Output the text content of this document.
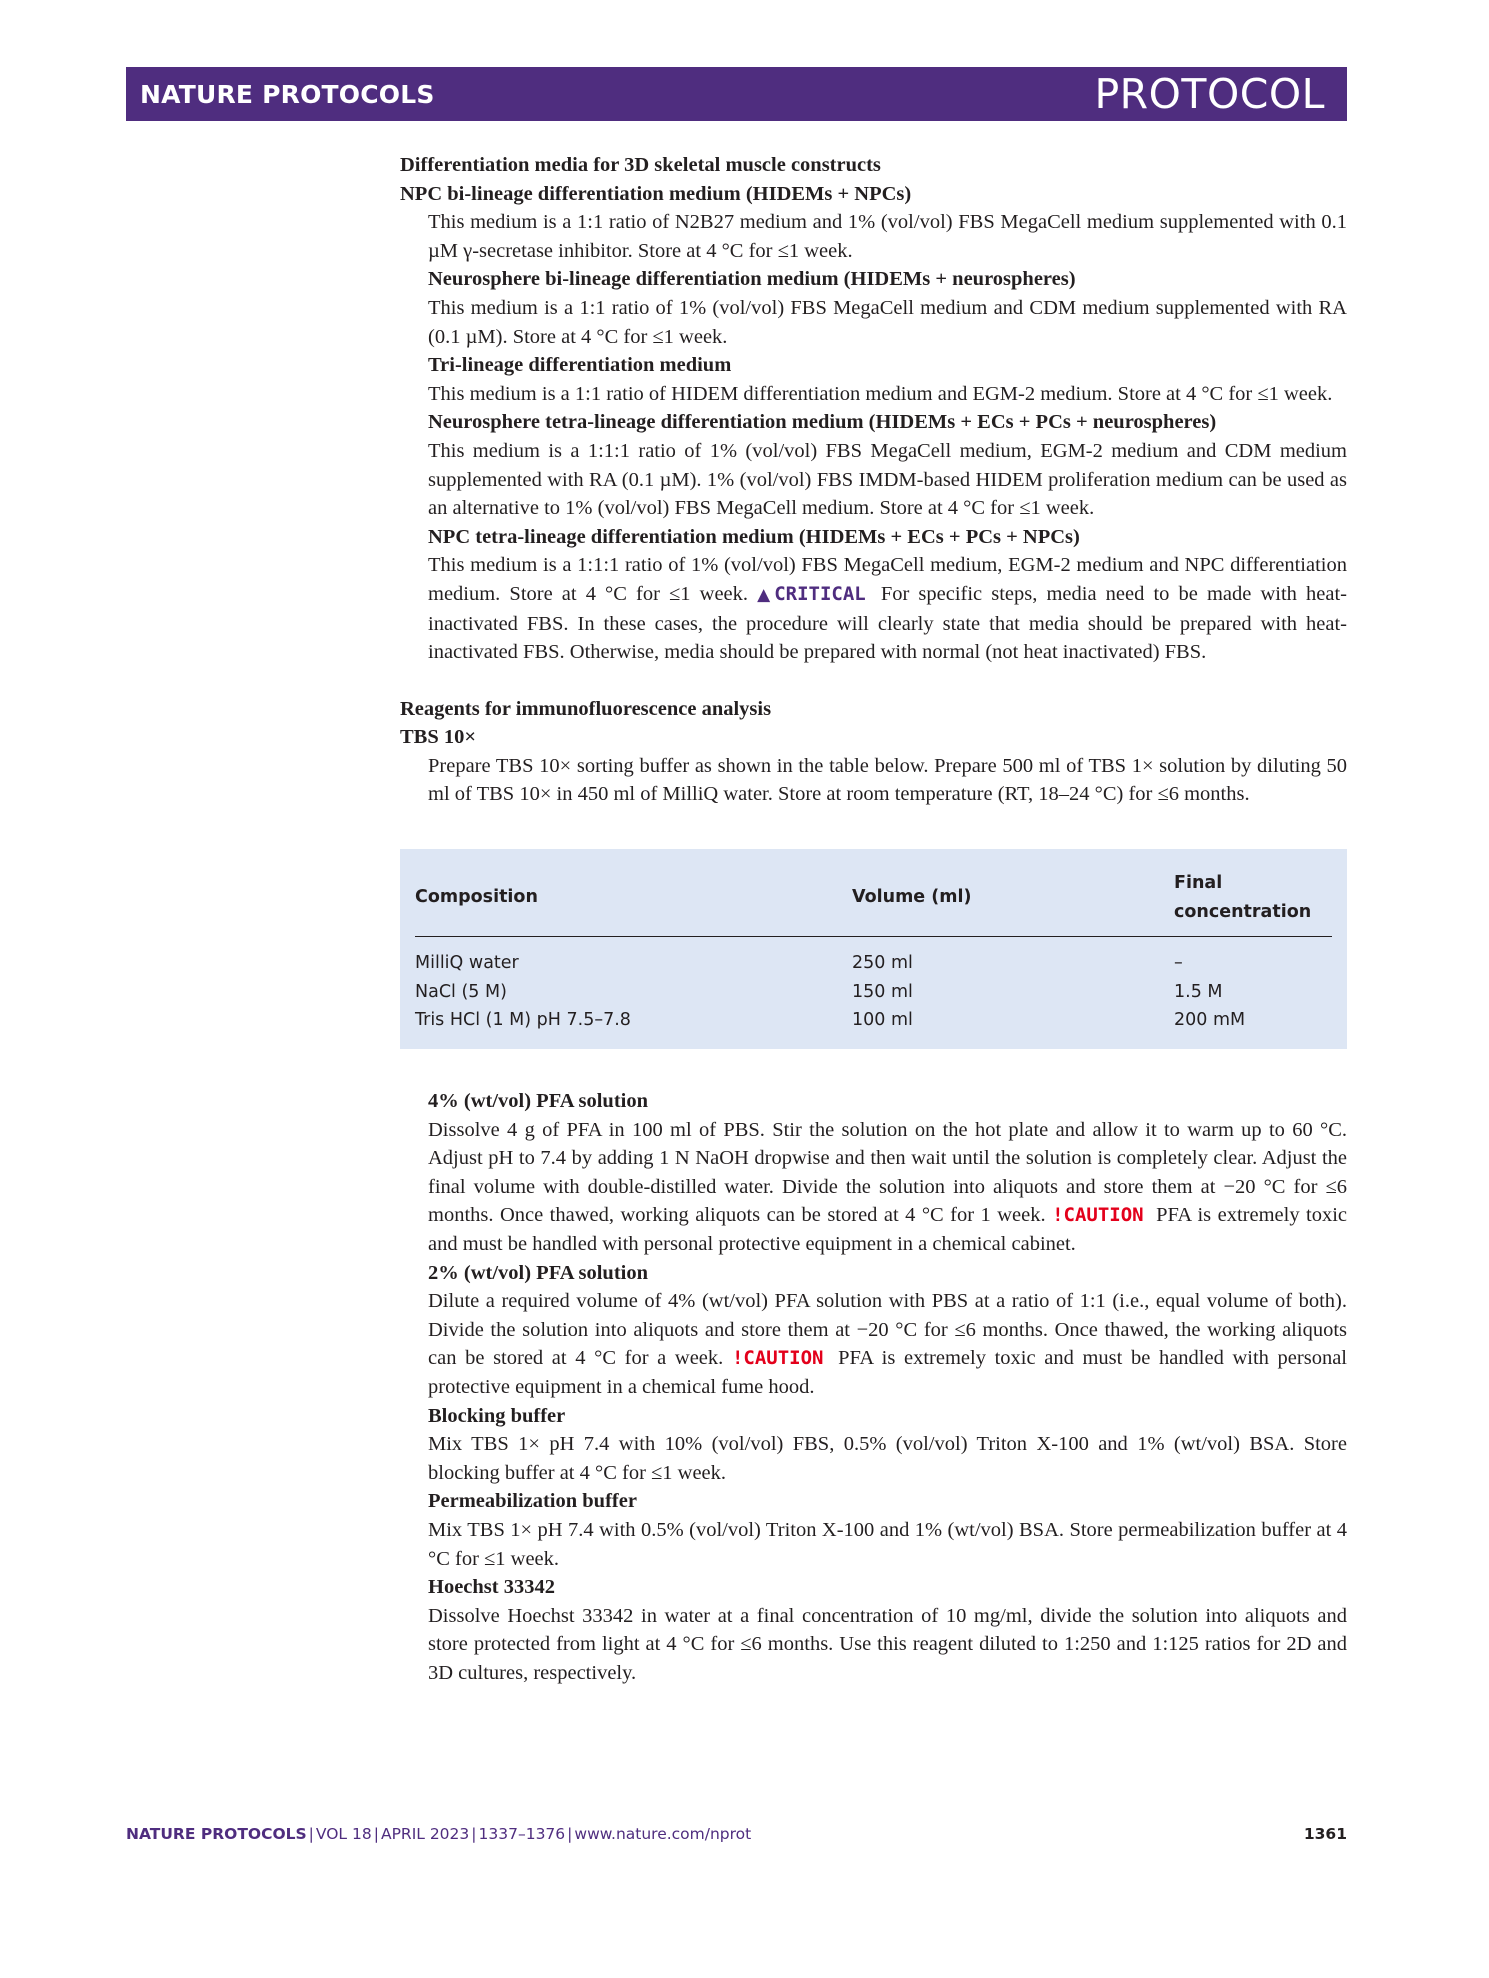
NATURE PROTOCOLS	PROTOCOL
Differentiation media for 3D skeletal muscle constructs
NPC bi-lineage differentiation medium (HIDEMs + NPCs)
This medium is a 1:1 ratio of N2B27 medium and 1% (vol/vol) FBS MegaCell medium supplemented with 0.1 µM γ-secretase inhibitor. Store at 4 °C for ≤1 week.
Neurosphere bi-lineage differentiation medium (HIDEMs + neurospheres)
This medium is a 1:1 ratio of 1% (vol/vol) FBS MegaCell medium and CDM medium supplemented with RA (0.1 µM). Store at 4 °C for ≤1 week.
Tri-lineage differentiation medium
This medium is a 1:1 ratio of HIDEM differentiation medium and EGM-2 medium. Store at 4 °C for ≤1 week.
Neurosphere tetra-lineage differentiation medium (HIDEMs + ECs + PCs + neurospheres)
This medium is a 1:1:1 ratio of 1% (vol/vol) FBS MegaCell medium, EGM-2 medium and CDM medium supplemented with RA (0.1 µM). 1% (vol/vol) FBS IMDM-based HIDEM proliferation medium can be used as an alternative to 1% (vol/vol) FBS MegaCell medium. Store at 4 °C for ≤1 week.
NPC tetra-lineage differentiation medium (HIDEMs + ECs + PCs + NPCs)
This medium is a 1:1:1 ratio of 1% (vol/vol) FBS MegaCell medium, EGM-2 medium and NPC differentiation medium. Store at 4 °C for ≤1 week. ▲CRITICAL For specific steps, media need to be made with heat-inactivated FBS. In these cases, the procedure will clearly state that media should be prepared with heat-inactivated FBS. Otherwise, media should be prepared with normal (not heat inactivated) FBS.
Reagents for immunofluorescence analysis
TBS 10×
Prepare TBS 10× sorting buffer as shown in the table below. Prepare 500 ml of TBS 1× solution by diluting 50 ml of TBS 10× in 450 ml of MilliQ water. Store at room temperature (RT, 18–24 °C) for ≤6 months.
Composition	Volume (ml)	Final concentration
MilliQ water	250 ml	–
NaCl (5 M)	150 ml	1.5 M
Tris HCl (1 M) pH 7.5–7.8	100 ml	200 mM
4% (wt/vol) PFA solution
Dissolve 4 g of PFA in 100 ml of PBS. Stir the solution on the hot plate and allow it to warm up to 60 °C. Adjust pH to 7.4 by adding 1 N NaOH dropwise and then wait until the solution is completely clear. Adjust the final volume with double-distilled water. Divide the solution into aliquots and store them at −20 °C for ≤6 months. Once thawed, working aliquots can be stored at 4 °C for 1 week. !CAUTION PFA is extremely toxic and must be handled with personal protective equipment in a chemical cabinet.
2% (wt/vol) PFA solution
Dilute a required volume of 4% (wt/vol) PFA solution with PBS at a ratio of 1:1 (i.e., equal volume of both). Divide the solution into aliquots and store them at −20 °C for ≤6 months. Once thawed, the working aliquots can be stored at 4 °C for a week. !CAUTION PFA is extremely toxic and must be handled with personal protective equipment in a chemical fume hood.
Blocking buffer
Mix TBS 1× pH 7.4 with 10% (vol/vol) FBS, 0.5% (vol/vol) Triton X-100 and 1% (wt/vol) BSA. Store blocking buffer at 4 °C for ≤1 week.
Permeabilization buffer
Mix TBS 1× pH 7.4 with 0.5% (vol/vol) Triton X-100 and 1% (wt/vol) BSA. Store permeabilization buffer at 4 °C for ≤1 week.
Hoechst 33342
Dissolve Hoechst 33342 in water at a final concentration of 10 mg/ml, divide the solution into aliquots and store protected from light at 4 °C for ≤6 months. Use this reagent diluted to 1:250 and 1:125 ratios for 2D and 3D cultures, respectively.
NATURE PROTOCOLS | VOL 18 | APRIL 2023 | 1337–1376 | www.nature.com/nprot	1361
